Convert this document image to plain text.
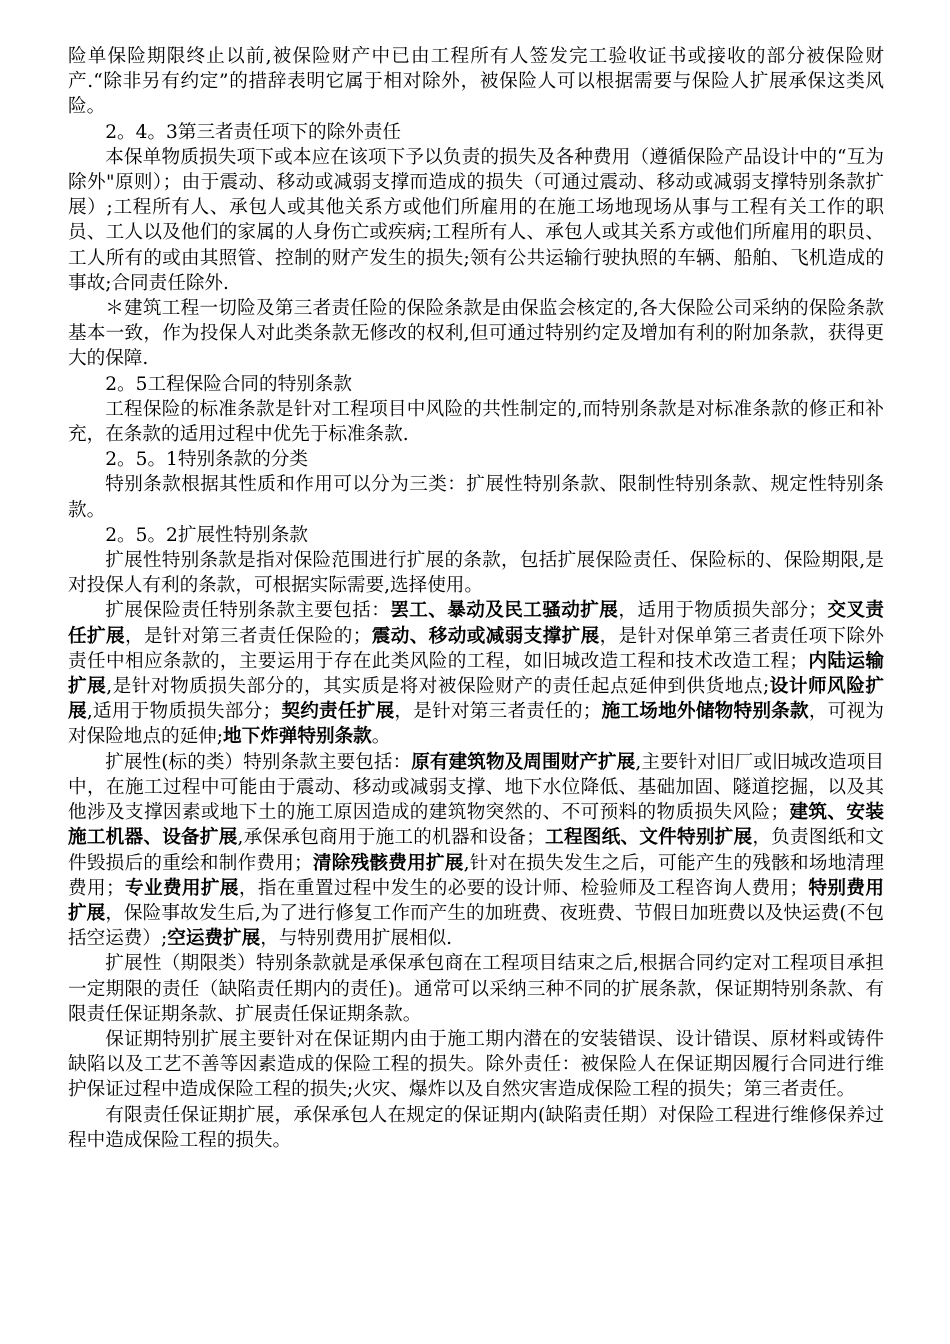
险单保险期限终止以前,被保险财产中已由工程所有人签发完工验收证书或接收的部分被保险财产.“除非另有约定”的措辞表明它属于相对除外，被保险人可以根据需要与保险人扩展承保这类风险。

2。4。3第三者责任项下的除外责任

本保单物质损失项下或本应在该项下予以负责的损失及各种费用（遵循保险产品设计中的“互为除外"原则）；由于震动、移动或减弱支撑而造成的损失（可通过震动、移动或减弱支撑特别条款扩展）;工程所有人、承包人或其他关系方或他们所雇用的在施工场地现场从事与工程有关工作的职员、工人以及他们的家属的人身伤亡或疾病;工程所有人、承包人或其关系方或他们所雇用的职员、工人所有的或由其照管、控制的财产发生的损失;领有公共运输行驶执照的车辆、船舶、飞机造成的事故;合同责任除外.

＊建筑工程一切险及第三者责任险的保险条款是由保监会核定的,各大保险公司采纳的保险条款基本一致，作为投保人对此类条款无修改的权利,但可通过特别约定及增加有利的附加条款，获得更大的保障.

2。5工程保险合同的特别条款

工程保险的标准条款是针对工程项目中风险的共性制定的,而特别条款是对标准条款的修正和补充，在条款的适用过程中优先于标准条款.

2。5。1特别条款的分类

特别条款根据其性质和作用可以分为三类：扩展性特别条款、限制性特别条款、规定性特别条款。

2。5。2扩展性特别条款

扩展性特别条款是指对保险范围进行扩展的条款，包括扩展保险责任、保险标的、保险期限,是对投保人有利的条款，可根据实际需要,选择使用。

扩展保险责任特别条款主要包括：罢工、暴动及民工骚动扩展，适用于物质损失部分；交叉责任扩展，是针对第三者责任保险的；震动、移动或减弱支撑扩展，是针对保单第三者责任项下除外责任中相应条款的，主要运用于存在此类风险的工程，如旧城改造工程和技术改造工程；内陆运输扩展,是针对物质损失部分的，其实质是将对被保险财产的责任起点延伸到供货地点;设计师风险扩展,适用于物质损失部分；契约责任扩展，是针对第三者责任的；施工场地外储物特别条款，可视为对保险地点的延伸;地下炸弹特别条款。

扩展性(标的类）特别条款主要包括：原有建筑物及周围财产扩展,主要针对旧厂或旧城改造项目中，在施工过程中可能由于震动、移动或减弱支撑、地下水位降低、基础加固、隧道挖掘，以及其他涉及支撑因素或地下土的施工原因造成的建筑物突然的、不可预料的物质损失风险；建筑、安装施工机器、设备扩展,承保承包商用于施工的机器和设备；工程图纸、文件特别扩展，负责图纸和文件毁损后的重绘和制作费用；清除残骸费用扩展,针对在损失发生之后，可能产生的残骸和场地清理费用；专业费用扩展，指在重置过程中发生的必要的设计师、检验师及工程咨询人费用；特别费用扩展，保险事故发生后,为了进行修复工作而产生的加班费、夜班费、节假日加班费以及快运费(不包括空运费）;空运费扩展，与特别费用扩展相似.

扩展性（期限类）特别条款就是承保承包商在工程项目结束之后,根据合同约定对工程项目承担一定期限的责任（缺陷责任期内的责任)。通常可以采纳三种不同的扩展条款，保证期特别条款、有限责任保证期条款、扩展责任保证期条款。

保证期特别扩展主要针对在保证期内由于施工期内潜在的安装错误、设计错误、原材料或铸件缺陷以及工艺不善等因素造成的保险工程的损失。除外责任：被保险人在保证期因履行合同进行维护保证过程中造成保险工程的损失;火灾、爆炸以及自然灾害造成保险工程的损失；第三者责任。

有限责任保证期扩展，承保承包人在规定的保证期内(缺陷责任期）对保险工程进行维修保养过程中造成保险工程的损失。
